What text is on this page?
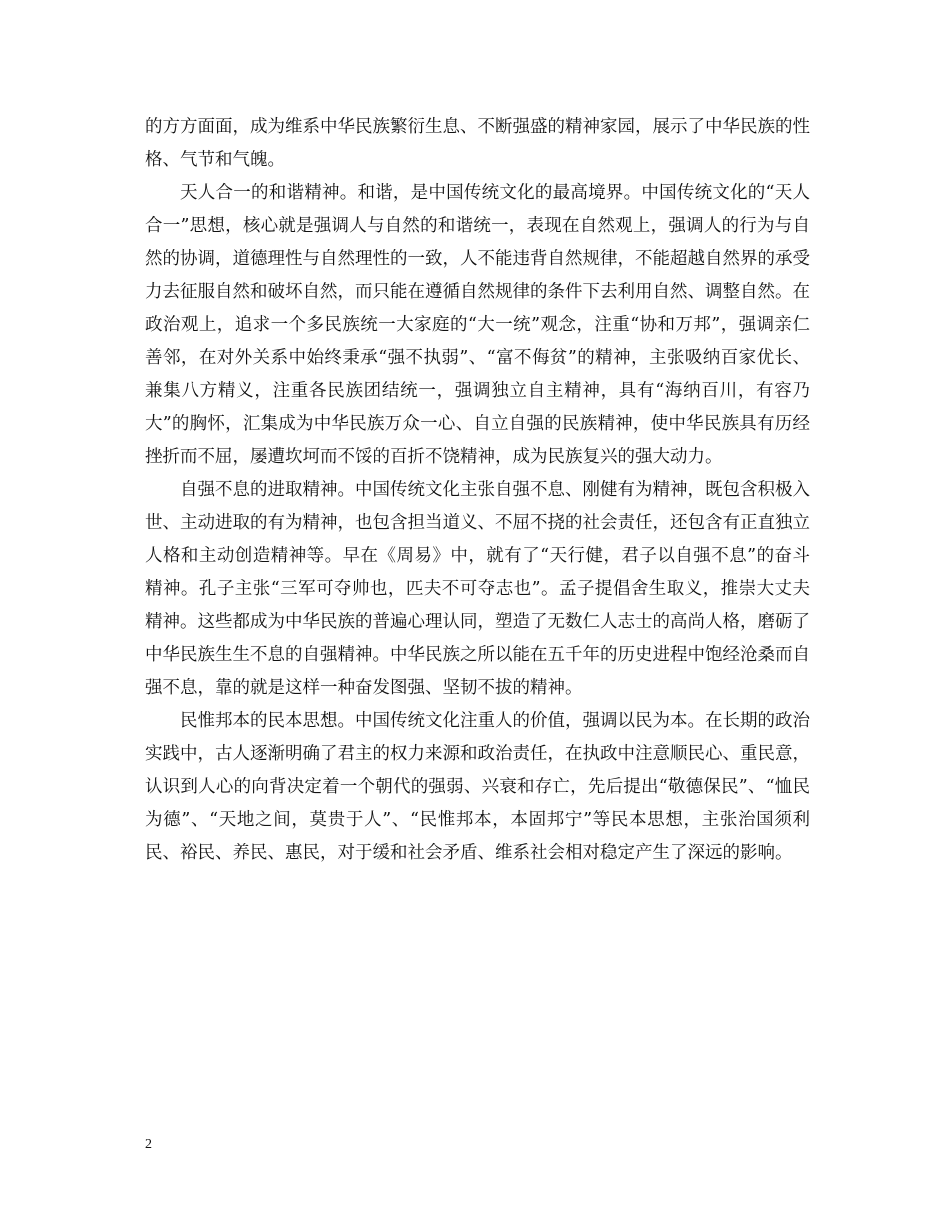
的方方面面，成为维系中华民族繁衍生息、不断强盛的精神家园，展示了中华民族的性格、气节和气魄。

天人合一的和谐精神。和谐，是中国传统文化的最高境界。中国传统文化的“天人合一”思想，核心就是强调人与自然的和谐统一，表现在自然观上，强调人的行为与自然的协调，道德理性与自然理性的一致，人不能违背自然规律，不能超越自然界的承受力去征服自然和破坏自然，而只能在遵循自然规律的条件下去利用自然、调整自然。在政治观上，追求一个多民族统一大家庭的“大一统”观念，注重“协和万邦”，强调亲仁善邻，在对外关系中始终秉承“强不执弱”、“富不侮贫”的精神，主张吸纳百家优长、兼集八方精义，注重各民族团结统一，强调独立自主精神，具有“海纳百川，有容乃大”的胸怀，汇集成为中华民族万众一心、自立自强的民族精神，使中华民族具有历经挫折而不屈，屡遭坎坷而不馁的百折不饶精神，成为民族复兴的强大动力。

自强不息的进取精神。中国传统文化主张自强不息、刚健有为精神，既包含积极入世、主动进取的有为精神，也包含担当道义、不屈不挠的社会责任，还包含有正直独立人格和主动创造精神等。早在《周易》中，就有了“天行健，君子以自强不息”的奋斗精神。孔子主张“三军可夺帅也，匹夫不可夺志也”。孟子提倡舍生取义，推崇大丈夫精神。这些都成为中华民族的普遍心理认同，塑造了无数仁人志士的高尚人格，磨砺了中华民族生生不息的自强精神。中华民族之所以能在五千年的历史进程中饱经沧桑而自强不息，靠的就是这样一种奋发图强、坚韧不拔的精神。

民惟邦本的民本思想。中国传统文化注重人的价值，强调以民为本。在长期的政治实践中，古人逐渐明确了君主的权力来源和政治责任，在执政中注意顺民心、重民意，认识到人心的向背决定着一个朝代的强弱、兴衰和存亡，先后提出“敬德保民”、“恤民为德”、“天地之间，莫贵于人”、“民惟邦本，本固邦宁”等民本思想，主张治国须利民、裕民、养民、惠民，对于缓和社会矛盾、维系社会相对稳定产生了深远的影响。

2
